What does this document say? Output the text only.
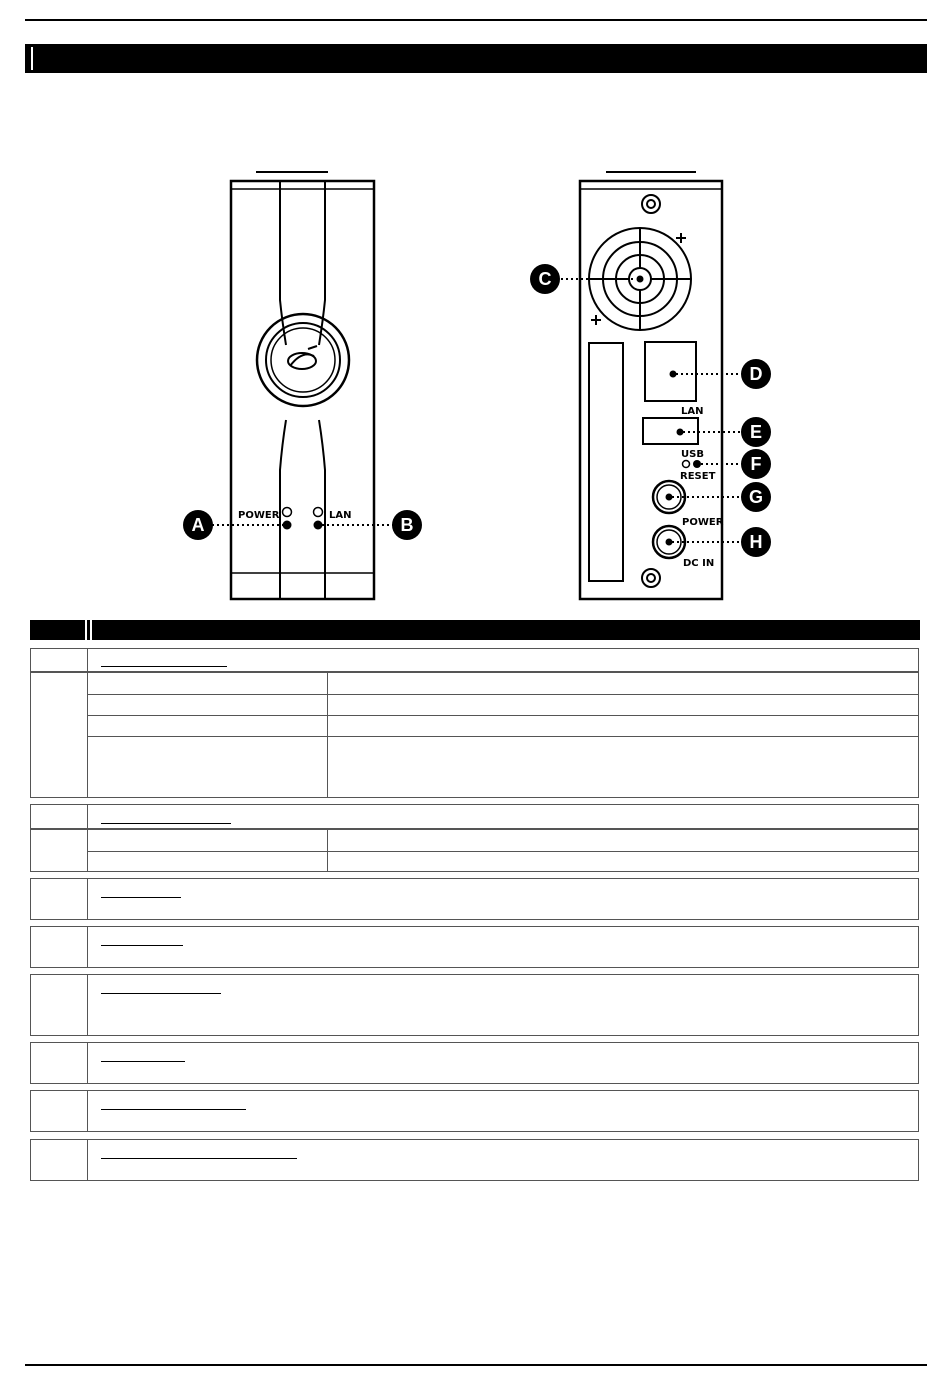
POWER	LAN
LAN
USB
RESET
POWER
DC IN
A	B
C
D
E
F
G
H
